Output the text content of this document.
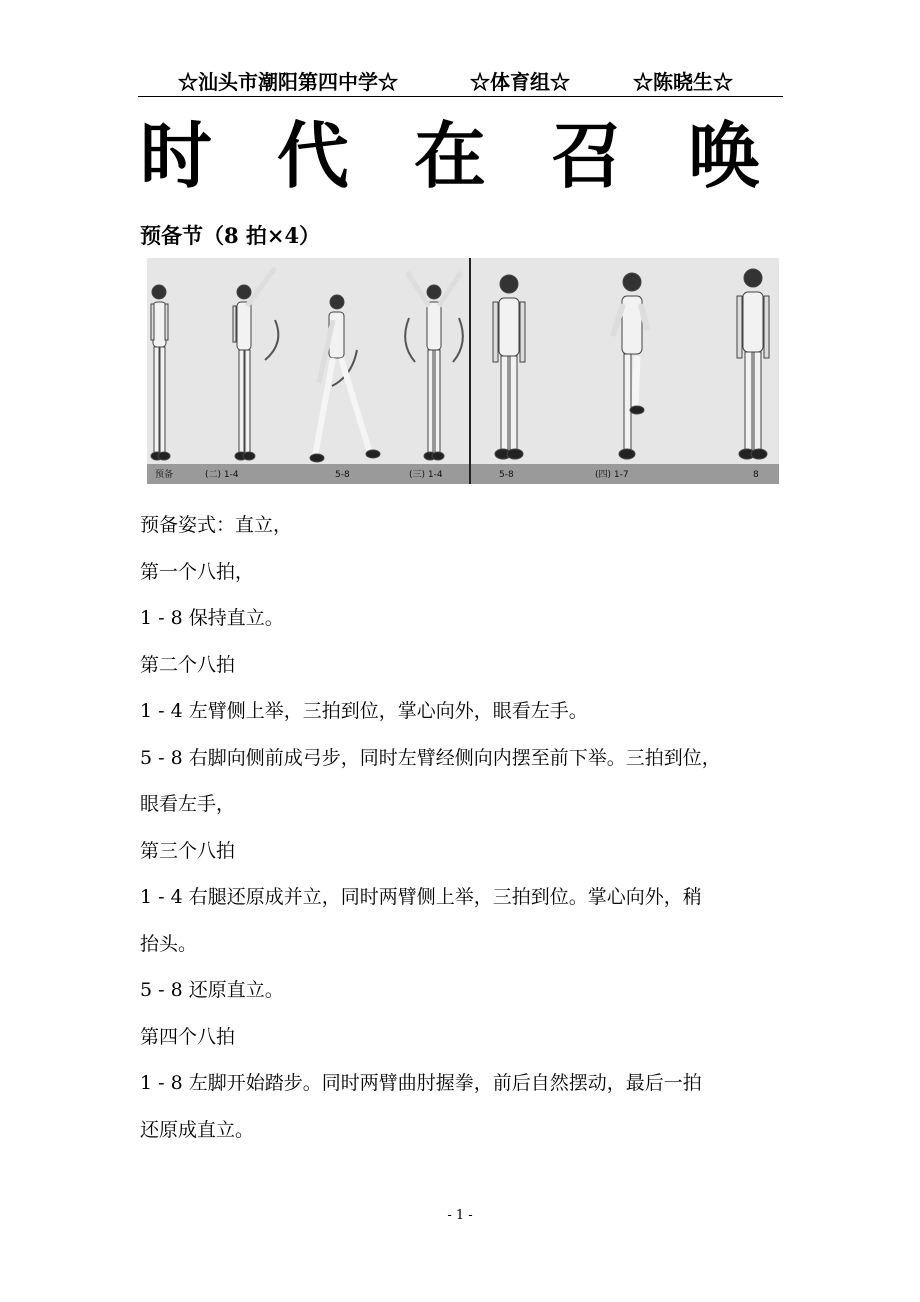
☆汕头市潮阳第四中学☆	☆体育组☆	☆陈晓生☆
时 代 在 召 唤
预备节（8 拍×4）
预备	(二) 1-4	5-8	(三) 1-4	5-8	(四) 1-7	8
预备姿式：直立，
第一个八拍，
1 - 8 保持直立。
第二个八拍
1 - 4 左臂侧上举，三拍到位，掌心向外，眼看左手。
5 - 8 右脚向侧前成弓步，同时左臂经侧向内摆至前下举。三拍到位，
眼看左手，
第三个八拍
1 - 4 右腿还原成并立，同时两臂侧上举，三拍到位。掌心向外，稍
抬头。
5 - 8 还原直立。
第四个八拍
1 - 8 左脚开始踏步。同时两臂曲肘握拳，前后自然摆动，最后一拍
还原成直立。
- 1 -
